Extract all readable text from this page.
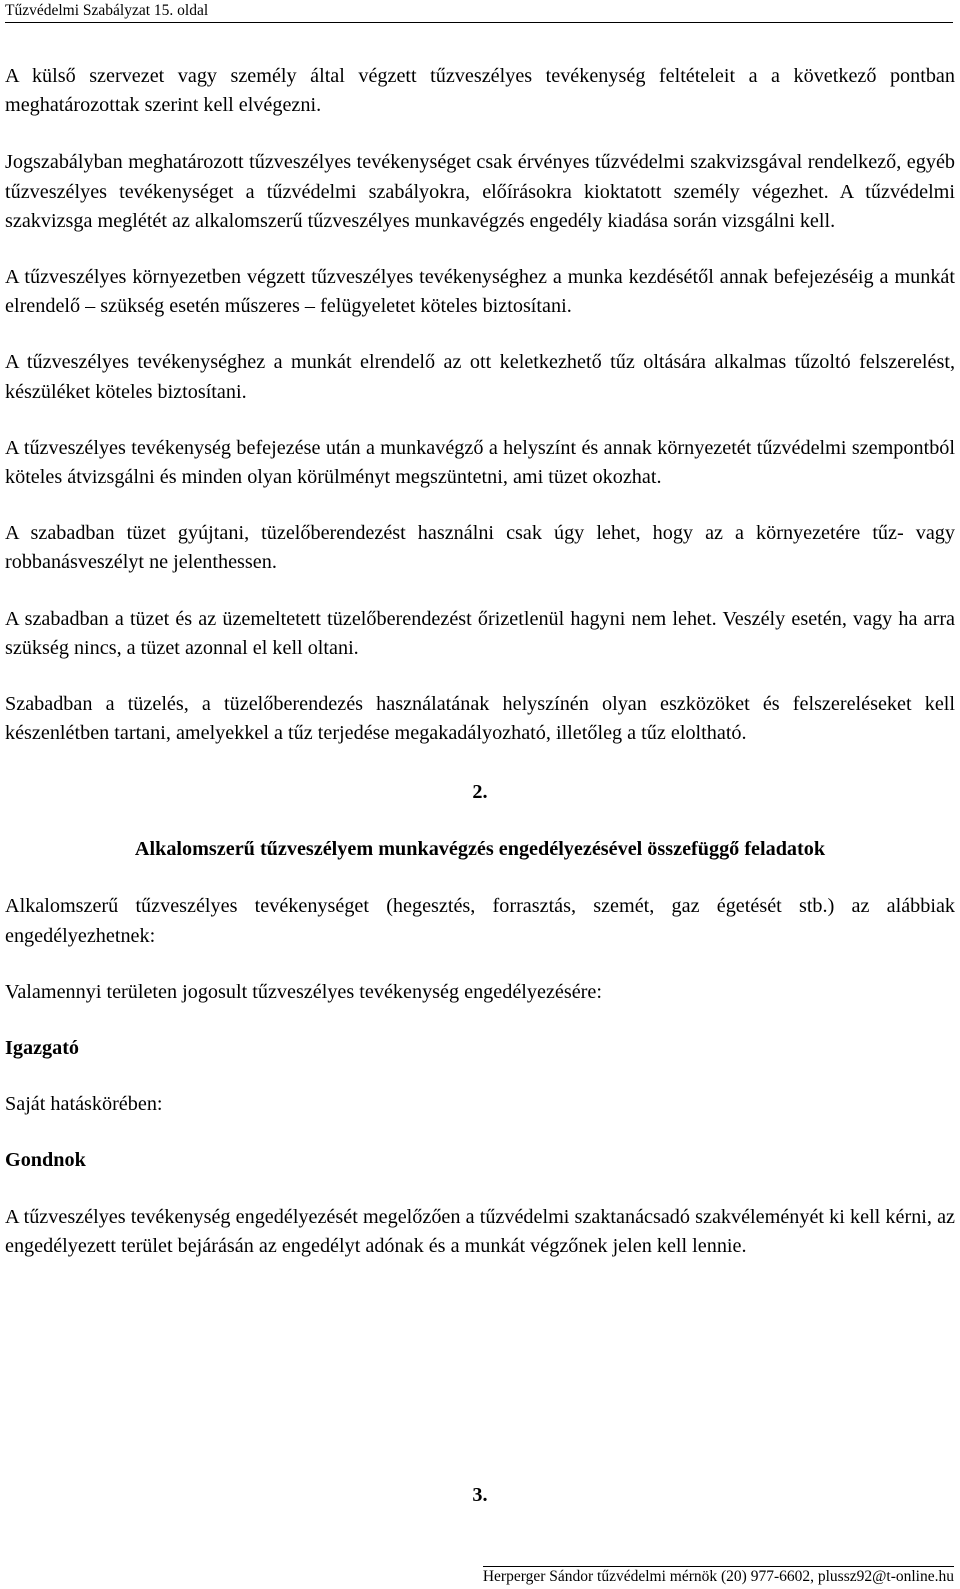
Tűzvédelmi Szabályzat 15. oldal

A külső szervezet vagy személy által végzett tűzveszélyes tevékenység feltételeit a a következő pontban meghatározottak szerint kell elvégezni.

Jogszabályban meghatározott tűzveszélyes tevékenységet csak érvényes tűzvédelmi szakvizsgával rendelkező, egyéb tűzveszélyes tevékenységet a tűzvédelmi szabályokra, előírásokra kioktatott személy végezhet. A tűzvédelmi szakvizsga meglétét az alkalomszerű tűzveszélyes munkavégzés engedély kiadása során vizsgálni kell.

A tűzveszélyes környezetben végzett tűzveszélyes tevékenységhez a munka kezdésétől annak befejezéséig a munkát elrendelő – szükség esetén műszeres – felügyeletet köteles biztosítani.

A tűzveszélyes tevékenységhez a munkát elrendelő az ott keletkezhető tűz oltására alkalmas tűzoltó felszerelést, készüléket köteles biztosítani.

A tűzveszélyes tevékenység befejezése után a munkavégző a helyszínt és annak környezetét tűzvédelmi szempontból köteles átvizsgálni és minden olyan körülményt megszüntetni, ami tüzet okozhat.

A szabadban tüzet gyújtani, tüzelőberendezést használni csak úgy lehet, hogy az a környezetére tűz- vagy robbanásveszélyt ne jelenthessen.

A szabadban a tüzet és az üzemeltetett tüzelőberendezést őrizetlenül hagyni nem lehet. Veszély esetén, vagy ha arra szükség nincs, a tüzet azonnal el kell oltani.

Szabadban a tüzelés, a tüzelőberendezés használatának helyszínén olyan eszközöket és felszereléseket kell készenlétben tartani, amelyekkel a tűz terjedése megakadályozható, illetőleg a tűz eloltható.

2.
Alkalomszerű tűzveszélyem munkavégzés engedélyezésével összefüggő feladatok

Alkalomszerű tűzveszélyes tevékenységet (hegesztés, forrasztás, szemét, gaz égetését stb.) az alábbiak engedélyezhetnek:

Valamennyi területen jogosult tűzveszélyes tevékenység engedélyezésére:

Igazgató

Saját hatáskörében:

Gondnok

A tűzveszélyes tevékenység engedélyezését megelőzően a tűzvédelmi szaktanácsadó szakvéleményét ki kell kérni, az engedélyezett terület bejárásán az engedélyt adónak és a munkát végzőnek jelen kell lennie.

3.
Herperger Sándor tűzvédelmi mérnök (20) 977-6602, plussz92@t-online.hu
